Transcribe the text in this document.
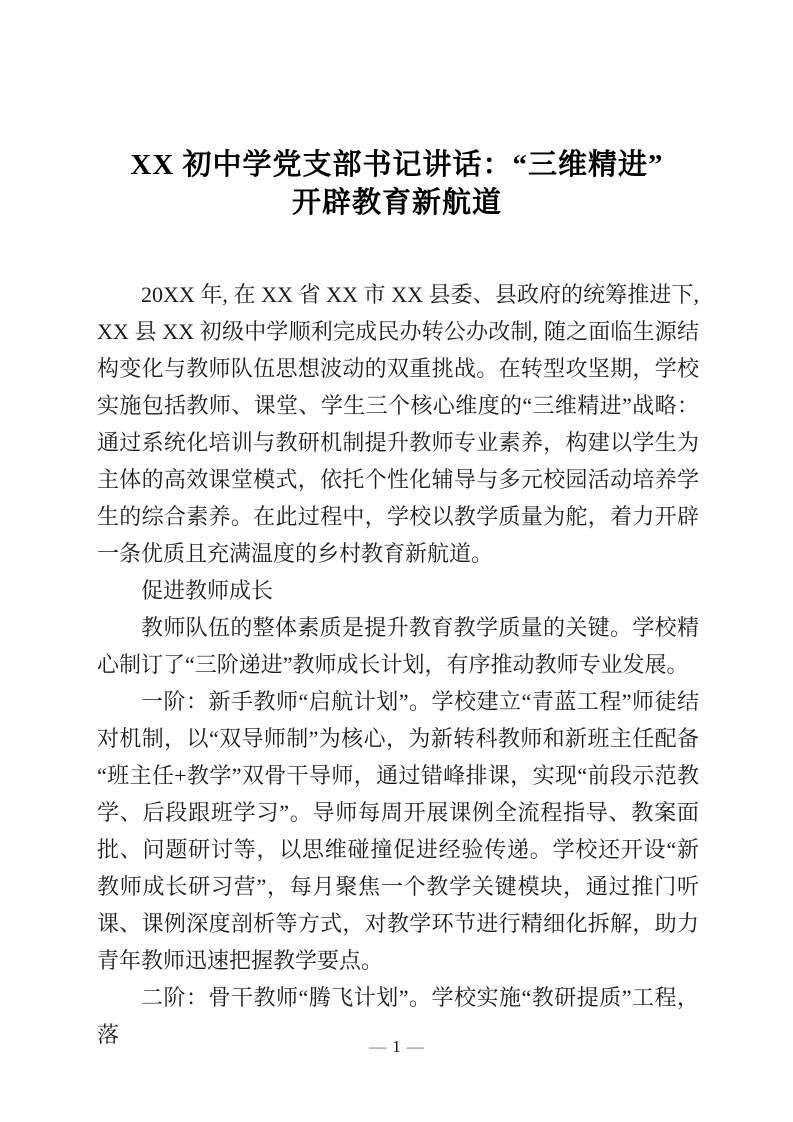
XX 初中学党支部书记讲话：“三维精进”
开辟教育新航道

20XX 年, 在 XX 省 XX 市 XX 县委、县政府的统筹推进下, XX 县 XX 初级中学顺利完成民办转公办改制, 随之面临生源结构变化与教师队伍思想波动的双重挑战。在转型攻坚期，学校实施包括教师、课堂、学生三个核心维度的“三维精进”战略：通过系统化培训与教研机制提升教师专业素养，构建以学生为主体的高效课堂模式，依托个性化辅导与多元校园活动培养学生的综合素养。在此过程中，学校以教学质量为舵，着力开辟一条优质且充满温度的乡村教育新航道。

促进教师成长

教师队伍的整体素质是提升教育教学质量的关键。学校精心制订了“三阶递进”教师成长计划，有序推动教师专业发展。

一阶：新手教师“启航计划”。学校建立“青蓝工程”师徒结对机制，以“双导师制”为核心，为新转科教师和新班主任配备“班主任+教学”双骨干导师，通过错峰排课，实现“前段示范教学、后段跟班学习”。导师每周开展课例全流程指导、教案面批、问题研讨等，以思维碰撞促进经验传递。学校还开设“新教师成长研习营”，每月聚焦一个教学关键模块，通过推门听课、课例深度剖析等方式，对教学环节进行精细化拆解，助力青年教师迅速把握教学要点。

二阶：骨干教师“腾飞计划”。学校实施“教研提质”工程，落	— 1 —
